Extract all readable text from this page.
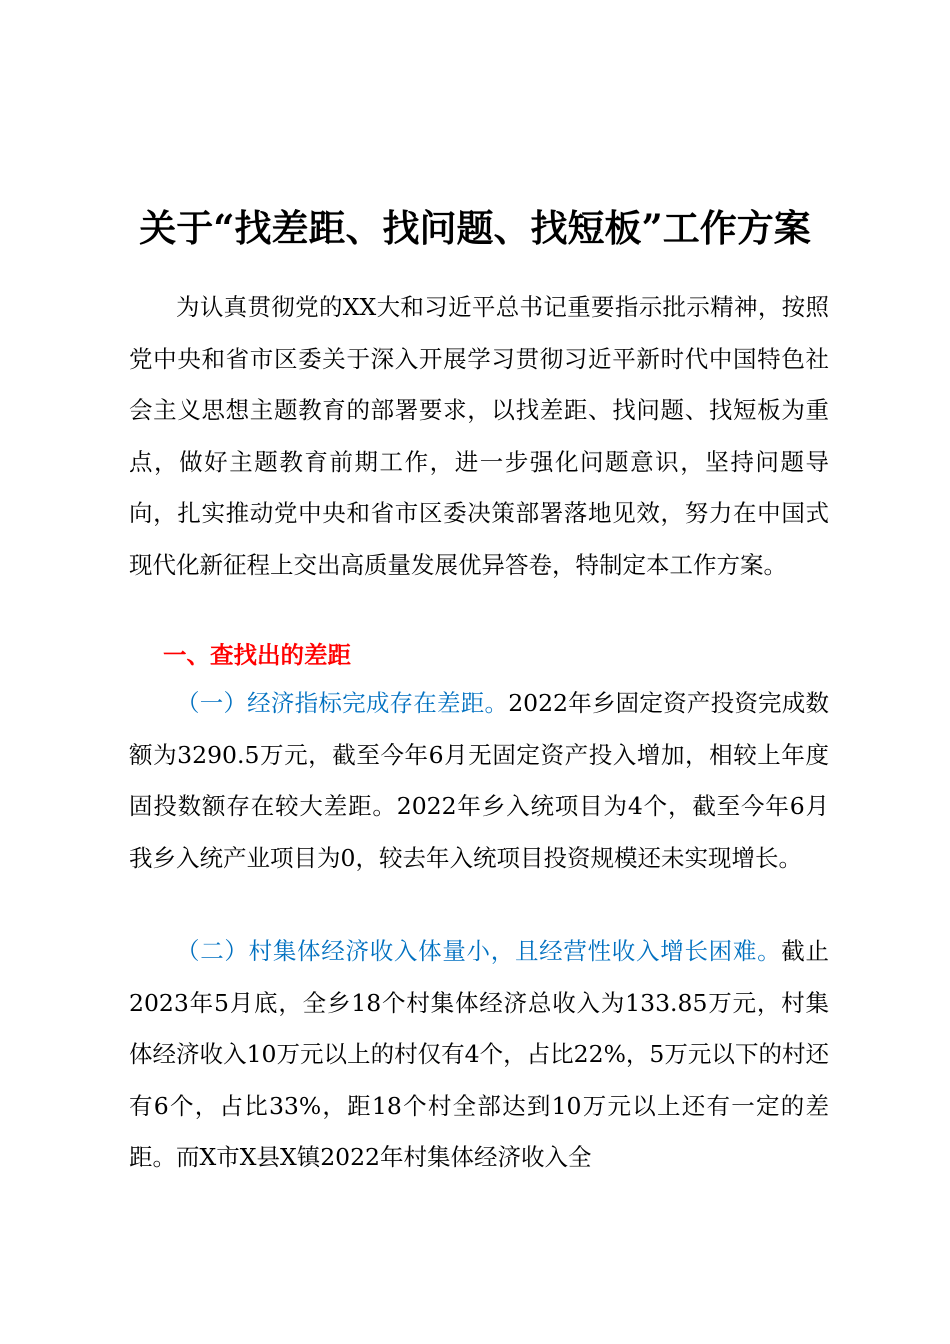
关于“找差距、找问题、找短板”工作方案
为认真贯彻党的XX大和习近平总书记重要指示批示精神，按照党中央和省市区委关于深入开展学习贯彻习近平新时代中国特色社会主义思想主题教育的部署要求，以找差距、找问题、找短板为重点，做好主题教育前期工作，进一步强化问题意识，坚持问题导向，扎实推动党中央和省市区委决策部署落地见效，努力在中国式现代化新征程上交出高质量发展优异答卷，特制定本工作方案。
一、查找出的差距
（一）经济指标完成存在差距。2022年乡固定资产投资完成数额为3290.5万元，截至今年6月无固定资产投入增加，相较上年度固投数额存在较大差距。2022年乡入统项目为4个，截至今年6月我乡入统产业项目为0，较去年入统项目投资规模还未实现增长。
（二）村集体经济收入体量小，且经营性收入增长困难。截止2023年5月底，全乡18个村集体经济总收入为133.85万元，村集体经济收入10万元以上的村仅有4个，占比22%，5万元以下的村还有6个，占比33%，距18个村全部达到10万元以上还有一定的差距。而X市X县X镇2022年村集体经济收入全
